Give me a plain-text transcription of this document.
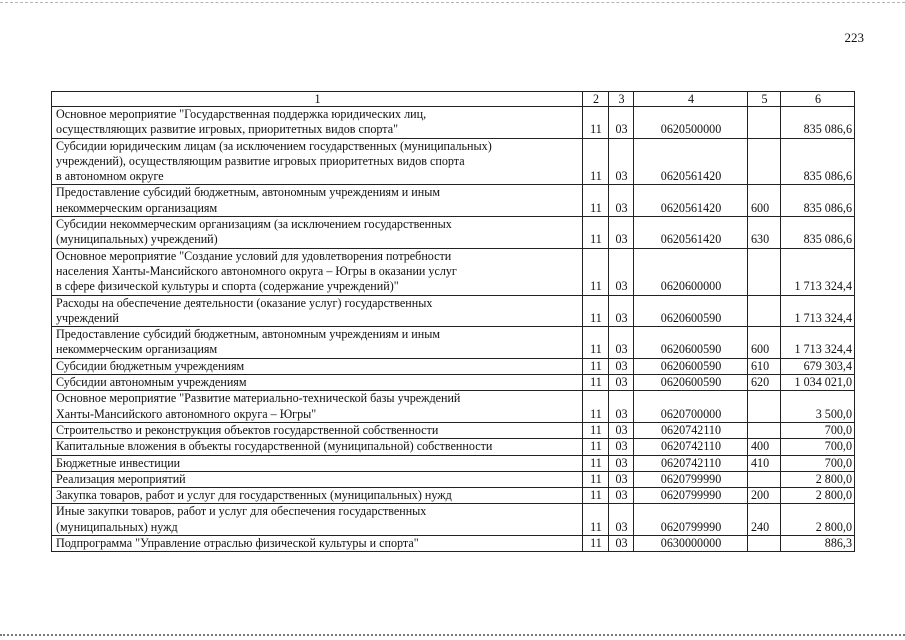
223
1	2	3	4	5	6
Основное мероприятие "Государственная поддержка юридических лиц,
осуществляющих развитие игровых, приоритетных видов спорта"	11	03	0620500000		835 086,6
Субсидии юридическим лицам (за исключением государственных (муниципальных)
учреждений), осуществляющим развитие игровых приоритетных видов спорта
в автономном округе	11	03	0620561420		835 086,6
Предоставление субсидий бюджетным, автономным учреждениям и иным
некоммерческим организациям	11	03	0620561420	600	835 086,6
Субсидии некоммерческим организациям (за исключением государственных
(муниципальных) учреждений)	11	03	0620561420	630	835 086,6
Основное мероприятие "Создание условий для удовлетворения потребности
населения Ханты-Мансийского автономного округа – Югры в оказании услуг
в сфере физической культуры и спорта (содержание учреждений)"	11	03	0620600000		1 713 324,4
Расходы на обеспечение деятельности (оказание услуг) государственных
учреждений	11	03	0620600590		1 713 324,4
Предоставление субсидий бюджетным, автономным учреждениям и иным
некоммерческим организациям	11	03	0620600590	600	1 713 324,4
Субсидии бюджетным учреждениям	11	03	0620600590	610	679 303,4
Субсидии автономным учреждениям	11	03	0620600590	620	1 034 021,0
Основное мероприятие "Развитие материально-технической базы учреждений
Ханты-Мансийского автономного округа – Югры"	11	03	0620700000		3 500,0
Строительство и реконструкция объектов государственной собственности	11	03	0620742110		700,0
Капитальные вложения в объекты государственной (муниципальной) собственности	11	03	0620742110	400	700,0
Бюджетные инвестиции	11	03	0620742110	410	700,0
Реализация мероприятий	11	03	0620799990		2 800,0
Закупка товаров, работ и услуг для государственных (муниципальных) нужд	11	03	0620799990	200	2 800,0
Иные закупки товаров, работ и услуг для обеспечения государственных
(муниципальных) нужд	11	03	0620799990	240	2 800,0
Подпрограмма "Управление отраслью физической культуры и спорта"	11	03	0630000000		886,3
